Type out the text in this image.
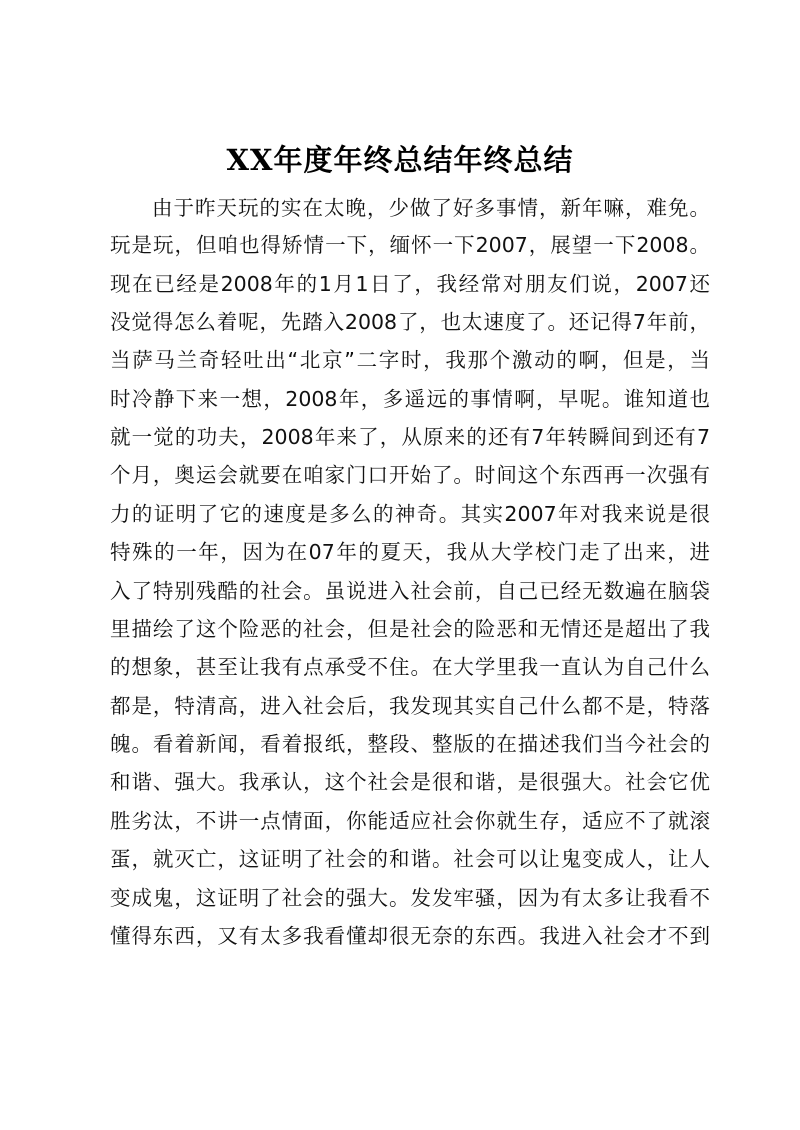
XX年度年终总结年终总结
由于昨天玩的实在太晚，少做了好多事情，新年嘛，难免。
玩是玩，但咱也得矫情一下，缅怀一下2007，展望一下2008。
现在已经是2008年的1月1日了，我经常对朋友们说，2007还
没觉得怎么着呢，先踏入2008了，也太速度了。还记得7年前，
当萨马兰奇轻吐出“北京”二字时，我那个激动的啊，但是，当
时冷静下来一想，2008年，多遥远的事情啊，早呢。谁知道也
就一觉的功夫，2008年来了，从原来的还有7年转瞬间到还有7
个月，奥运会就要在咱家门口开始了。时间这个东西再一次强有
力的证明了它的速度是多么的神奇。其实2007年对我来说是很
特殊的一年，因为在07年的夏天，我从大学校门走了出来，进
入了特别残酷的社会。虽说进入社会前，自己已经无数遍在脑袋
里描绘了这个险恶的社会，但是社会的险恶和无情还是超出了我
的想象，甚至让我有点承受不住。在大学里我一直认为自己什么
都是，特清高，进入社会后，我发现其实自己什么都不是，特落
魄。看着新闻，看着报纸，整段、整版的在描述我们当今社会的
和谐、强大。我承认，这个社会是很和谐，是很强大。社会它优
胜劣汰，不讲一点情面，你能适应社会你就生存，适应不了就滚
蛋，就灭亡，这证明了社会的和谐。社会可以让鬼变成人，让人
变成鬼，这证明了社会的强大。发发牢骚，因为有太多让我看不
懂得东西，又有太多我看懂却很无奈的东西。我进入社会才不到
